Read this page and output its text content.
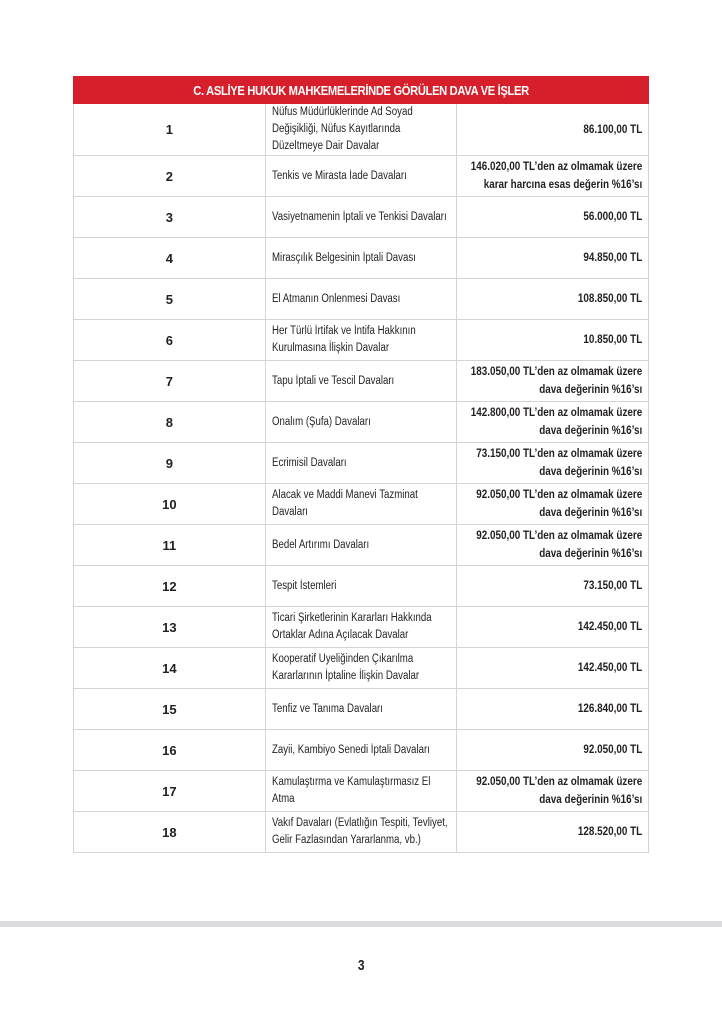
C. ASLİYE HUKUK MAHKEMELERİNDE GÖRÜLEN DAVA VE İŞLER		
1	Nüfus Müdürlüklerinde Ad Soyad Değişikliği, Nüfus Kayıtlarında Düzeltmeye Dair Davalar	86.100,00 TL
2	Tenkis ve Mirasta İade Davaları	146.020,00 TL’den az olmamak üzere karar harcına esas değerin %16’sı
3	Vasiyetnamenin İptali ve Tenkisi Davaları	56.000,00 TL
4	Mirasçılık Belgesinin İptali Davası	94.850,00 TL
5	El Atmanın Önlenmesi Davası	108.850,00 TL
6	Her Türlü İrtifak ve İntifa Hakkının Kurulmasına İlişkin Davalar	10.850,00 TL
7	Tapu İptali ve Tescil Davaları	183.050,00 TL’den az olmamak üzere dava değerinin %16’sı
8	Önalım (Şufa) Davaları	142.800,00 TL’den az olmamak üzere dava değerinin %16’sı
9	Ecrimisil Davaları	73.150,00 TL’den az olmamak üzere dava değerinin %16’sı
10	Alacak ve Maddi Manevi Tazminat Davaları	92.050,00 TL’den az olmamak üzere dava değerinin %16’sı
11	Bedel Artırımı Davaları	92.050,00 TL’den az olmamak üzere dava değerinin %16’sı
12	Tespit İstemleri	73.150,00 TL
13	Ticari Şirketlerinin Kararları Hakkında Ortaklar Adına Açılacak Davalar	142.450,00 TL
14	Kooperatif Üyeliğinden Çıkarılma Kararlarının İptaline İlişkin Davalar	142.450,00 TL
15	Tenfiz ve Tanıma Davaları	126.840,00 TL
16	Zayii, Kambiyo Senedi İptali Davaları	92.050,00 TL
17	Kamulaştırma ve Kamulaştırmasız El Atma	92.050,00 TL’den az olmamak üzere dava değerinin %16’sı
18	Vakıf Davaları (Evlatlığın Tespiti, Tevliyet, Gelir Fazlasından Yararlanma, vb.)	128.520,00 TL
3
